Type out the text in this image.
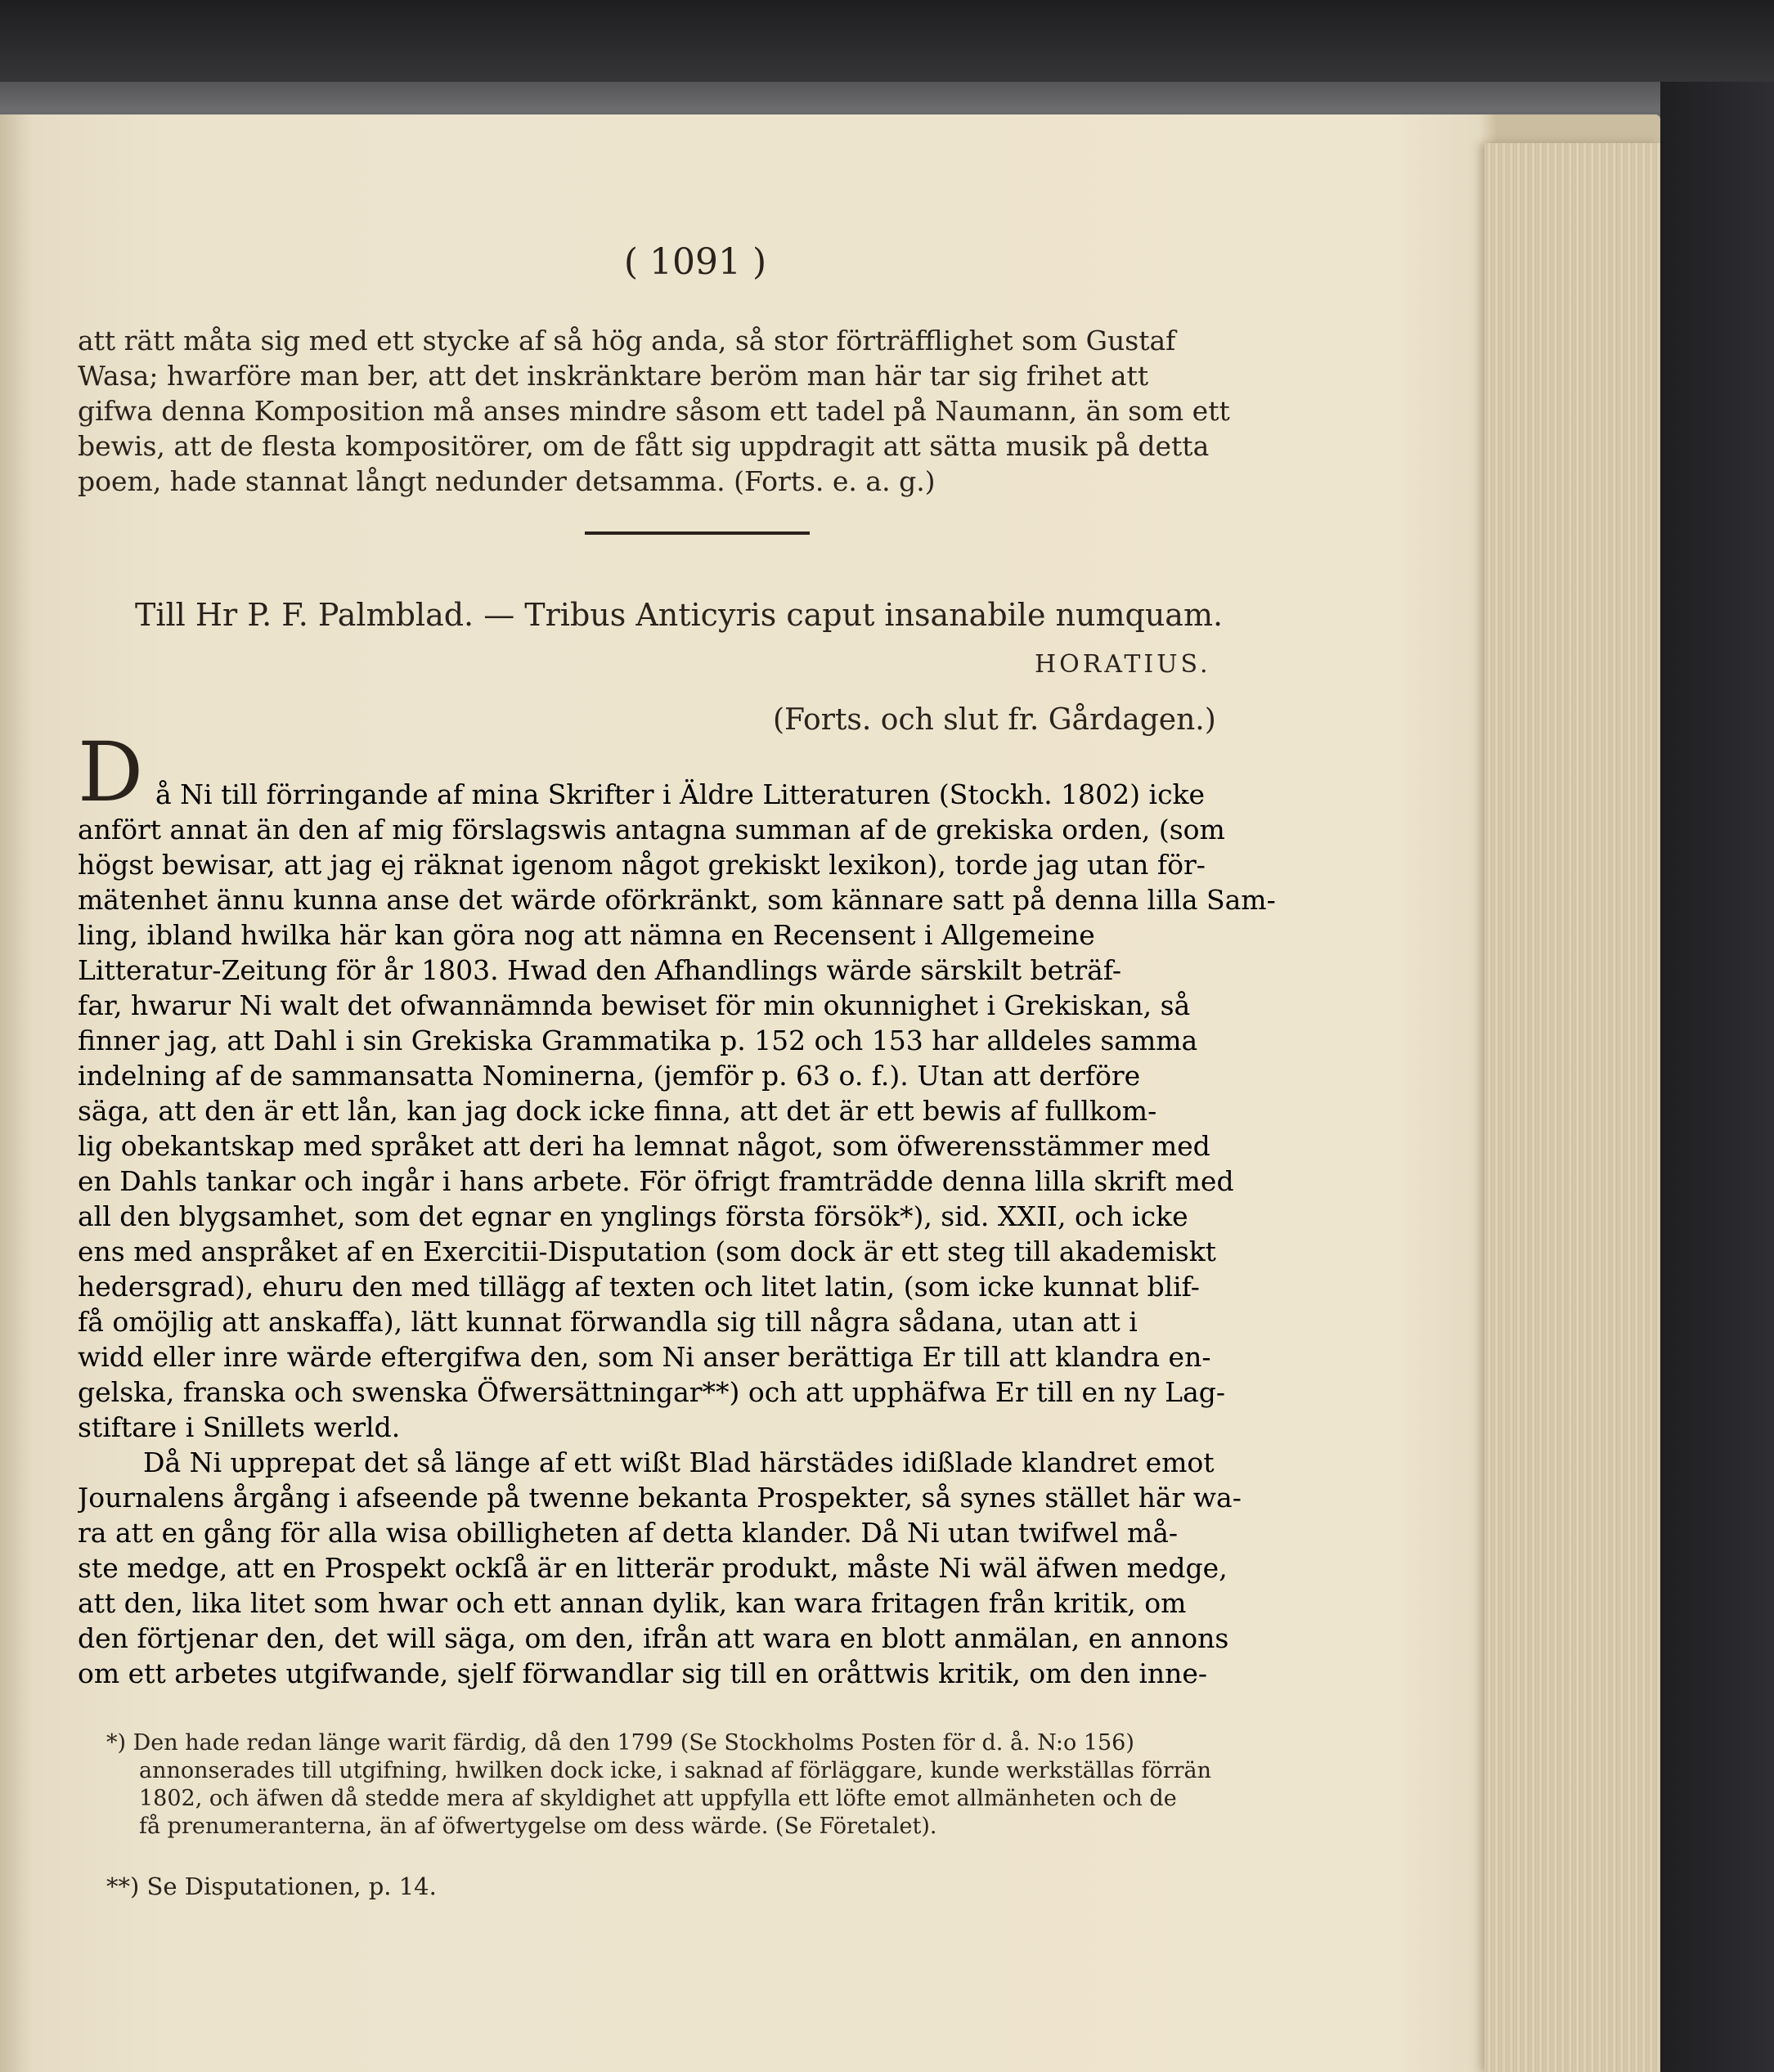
( 1091 )

att rätt måta sig med ett stycke af så hög anda, så stor förträfflighet som Gustaf
Wasa; hwarföre man ber, att det inskränktare beröm man här tar sig frihet att
gifwa denna Komposition må anses mindre såsom ett tadel på Naumann, än som ett
bewis, att de flesta kompositörer, om de fått sig uppdragit att sätta musik på detta
poem, hade stannat långt nedunder detsamma. (Forts. e. a. g.)

Till Hr P. F. Palmblad. — Tribus Anticyris caput insanabile numquam.
HORATIUS.
(Forts. och slut fr. Gårdagen.)
D å Ni till förringande af mina Skrifter i Äldre Litteraturen (Stockh. 1802) icke
anfört annat än den af mig förslagswis antagna summan af de grekiska orden, (som
högst bewisar, att jag ej räknat igenom något grekiskt lexikon), torde jag utan för-
mätenhet ännu kunna anse det wärde oförkränkt, som kännare satt på denna lilla Sam-
ling, ibland hwilka här kan göra nog att nämna en Recensent i Allgemeine
Litteratur-Zeitung för år 1803. Hwad den Afhandlings wärde särskilt beträf-
far, hwarur Ni walt det ofwannämnda bewiset för min okunnighet i Grekiskan, så
finner jag, att Dahl i sin Grekiska Grammatika p. 152 och 153 har alldeles samma
indelning af de sammansatta Nominerna, (jemför p. 63 o. f.). Utan att derföre
säga, att den är ett lån, kan jag dock icke finna, att det är ett bewis af fullkom-
lig obekantskap med språket att deri ha lemnat något, som öfwerensstämmer med
en Dahls tankar och ingår i hans arbete. För öfrigt framträdde denna lilla skrift med
all den blygsamhet, som det egnar en ynglings förstа försök*), sid. XXII, och icke
ens med anspråket af en Exercitii-Disputation (som dock är ett steg till akademiskt
hedersgrad), ehuru den med tillägg af texten och litet latin, (som icke kunnat blif-
få omöjlig att anskaffa), lätt kunnat förwandla sig till några sådana, utan att i
widd eller inre wärde eftergifwa den, som Ni anser berättiga Er till att klandra en-
gelska, franska och swenska Öfwersättningar**) och att upphäfwa Er till en ny Lag-
stiftare i Snillets werld.

Då Ni upprepat det så länge af ett wißt Blad härstädes idißlade klandret emot
Journalens årgång i afseende på twenne bekanta Prospekter, så synes stället här wa-
ra att en gång för alla wisa obilligheten af detta klander. Då Ni utan twifwel må-
ste medge, att en Prospekt ockſå är en litterär produkt, måste Ni wäl äfwen medge,
att den, lika litet som hwar och ett annan dylik, kan wara fritagen från kritik, om
den förtjenar den, det will säga, om den, ifrån att wara en blott anmälan, en annons
om ett arbetes utgifwande, sjelf förwandlar sig till en oråttwis kritik, om den inne-

*) Den hade redan länge warit färdig, då den 1799 (Se Stockholms Posten för d. å. N:o 156)
annonserades till utgifning, hwilken dock icke, i saknad af förläggare, kunde werkställas förrän
1802, och äfwen då stedde mera af skyldighet att uppfylla ett löfte emot allmänheten och de
få prenumeranterna, än af öfwertygelse om dess wärde. (Se Företalet).

**) Se Disputationen, p. 14.
